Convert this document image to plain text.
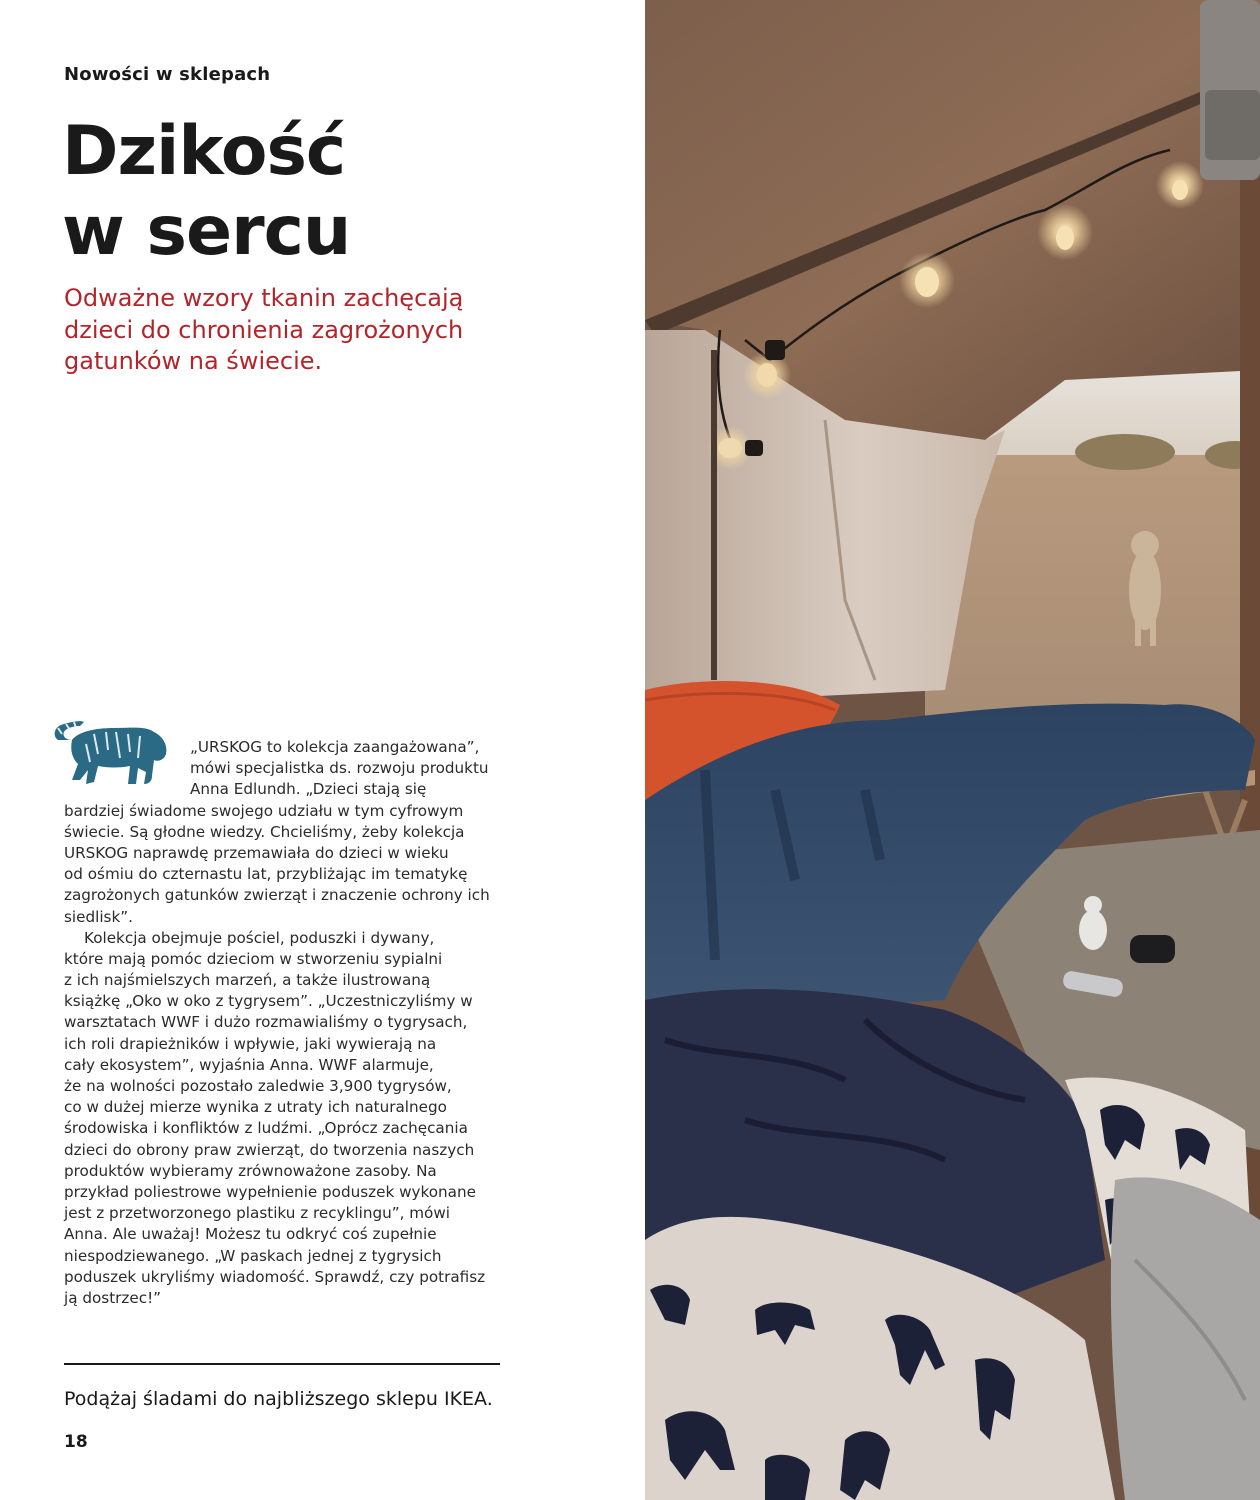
Nowości w sklepach
Dzikość
w sercu
Odważne wzory tkanin zachęcają
dzieci do chronienia zagrożonych
gatunków na świecie.
„URSKOG to kolekcja zaangażowana”,
mówi specjalistka ds. rozwoju produktu
Anna Edlundh. „Dzieci stają się
bardziej świadome swojego udziału w tym cyfrowym
świecie. Są głodne wiedzy. Chcieliśmy, żeby kolekcja
URSKOG naprawdę przemawiała do dzieci w wieku
od ośmiu do czternastu lat, przybliżając im tematykę
zagrożonych gatunków zwierząt i znaczenie ochrony ich
siedlisk”.
Kolekcja obejmuje pościel, poduszki i dywany,
które mają pomóc dzieciom w stworzeniu sypialni
z ich najśmielszych marzeń, a także ilustrowaną
książkę „Oko w oko z tygrysem”. „Uczestniczyliśmy w
warsztatach WWF i dużo rozmawialiśmy o tygrysach,
ich roli drapieżników i wpływie, jaki wywierają na
cały ekosystem”, wyjaśnia Anna. WWF alarmuje,
że na wolności pozostało zaledwie 3,900 tygrysów,
co w dużej mierze wynika z utraty ich naturalnego
środowiska i konfliktów z ludźmi. „Oprócz zachęcania
dzieci do obrony praw zwierząt, do tworzenia naszych
produktów wybieramy zrównoważone zasoby. Na
przykład poliestrowe wypełnienie poduszek wykonane
jest z przetworzonego plastiku z recyklingu”, mówi
Anna. Ale uważaj! Możesz tu odkryć coś zupełnie
niespodziewanego. „W paskach jednej z tygrysich
poduszek ukryliśmy wiadomość. Sprawdź, czy potrafisz
ją dostrzec!”
Podążaj śladami do najbliższego sklepu IKEA.
18
